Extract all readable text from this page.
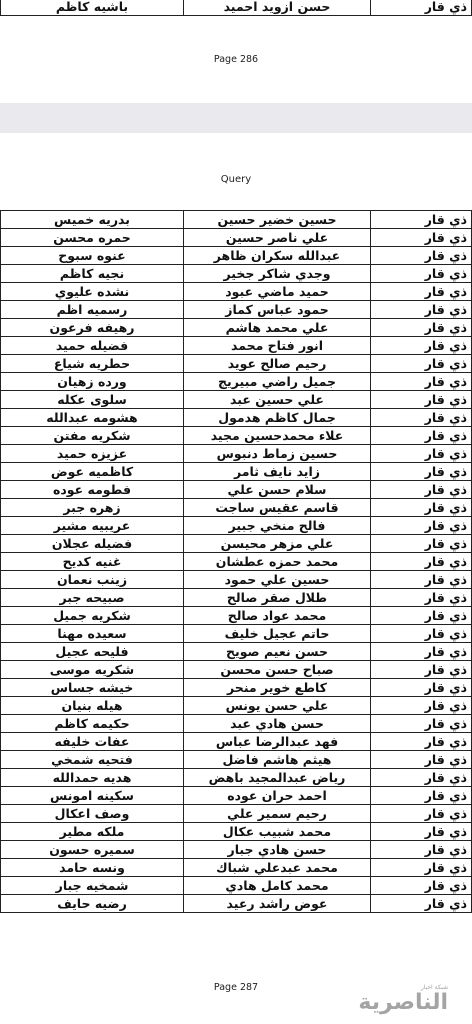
ذي قار	حسن ازويد احميد	باشيه كاظم
Page 286
Query
ذي قار	حسين خضير حسين	بدريه خميس
ذي قار	علي ناصر حسين	حمره محسن
ذي قار	عبدالله سكران ظاهر	عنوه سبوح
ذي قار	وجدي شاكر جخير	نجيه كاظم
ذي قار	حميد ماضي عبود	نشده عليوي
ذي قار	حمود عباس كماز	رسميه اظم
ذي قار	علي محمد هاشم	رهيفه فرعون
ذي قار	انور فتاح محمد	فضيله حميد
ذي قار	رحيم صالح عويد	حطريه شياع
ذي قار	جميل راضي مبيريج	ورده زهيان
ذي قار	علي حسين عبد	سلوى عكله
ذي قار	جمال كاظم هدمول	هشومه عبدالله
ذي قار	علاء محمدحسين مجيد	شكريه مفتن
ذي قار	حسين زماط دنبوس	عزيزه حميد
ذي قار	زايد نايف ثامر	كاظميه عوض
ذي قار	سلام حسن علي	فطومه عوده
ذي قار	قاسم عقيس ساجت	زهره جبر
ذي قار	فالح منخي جبير	عريبيه مشير
ذي قار	علي مزهر محيسن	فضيله عجلان
ذي قار	محمد حمزه عطشان	غنيه كديح
ذي قار	حسين علي حمود	زينب نعمان
ذي قار	طلال صقر صالح	صبيحه جبر
ذي قار	محمد عواد صالح	شكريه جميل
ذي قار	حاتم عجيل خليف	سعيده مهنا
ذي قار	حسن نعيم صويح	فليحه عجيل
ذي قار	صباح حسن محسن	شكريه موسى
ذي قار	كاطع خوير منحر	خيشه جساس
ذي قار	علي حسن يونس	هيله بنيان
ذي قار	حسن هادي عبد	حكيمه كاظم
ذي قار	فهد عبدالرضا عباس	عفات خليفه
ذي قار	هيثم هاشم فاضل	فتحيه شمخي
ذي قار	رياض عبدالمجيد باهض	هديه حمدالله
ذي قار	احمد حران عوده	سكينه امونس
ذي قار	رحيم سمير علي	وصف اعكال
ذي قار	محمد شبيب عكال	ملكه مطير
ذي قار	حسن هادي جبار	سميره حسون
ذي قار	محمد عبدعلي شباك	ونسه حامد
ذي قار	محمد كامل هادي	شمخيه جبار
ذي قار	عوض راشد رعيد	رضيه حايف
Page 287	شبكة اخبار
الناصرية
